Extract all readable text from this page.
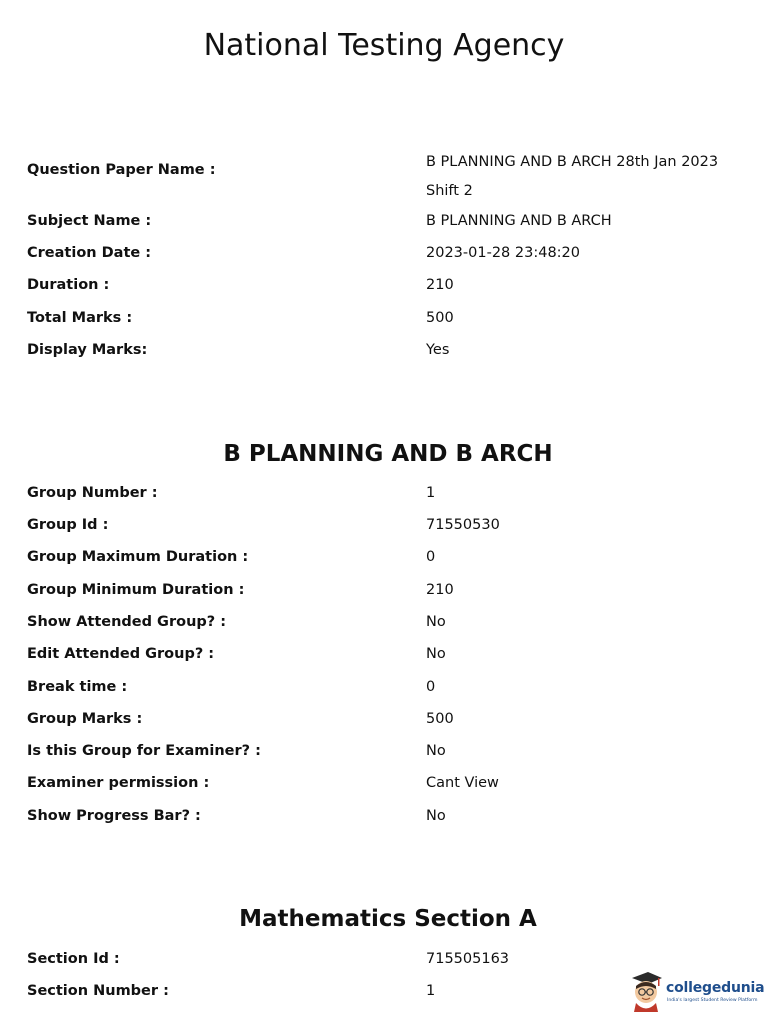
National Testing Agency
Question Paper Name :	B PLANNING AND B ARCH 28th Jan 2023 Shift 2
Subject Name :	B PLANNING AND B ARCH
Creation Date :	2023-01-28 23:48:20
Duration :	210
Total Marks :	500
Display Marks:	Yes
B PLANNING AND B ARCH
Group Number :	1
Group Id :	71550530
Group Maximum Duration :	0
Group Minimum Duration :	210
Show Attended Group? :	No
Edit Attended Group? :	No
Break time :	0
Group Marks :	500
Is this Group for Examiner? :	No
Examiner permission :	Cant View
Show Progress Bar? :	No
Mathematics Section A
Section Id :	715505163
Section Number :	1	collegedunia
India's largest Student Review Platform
